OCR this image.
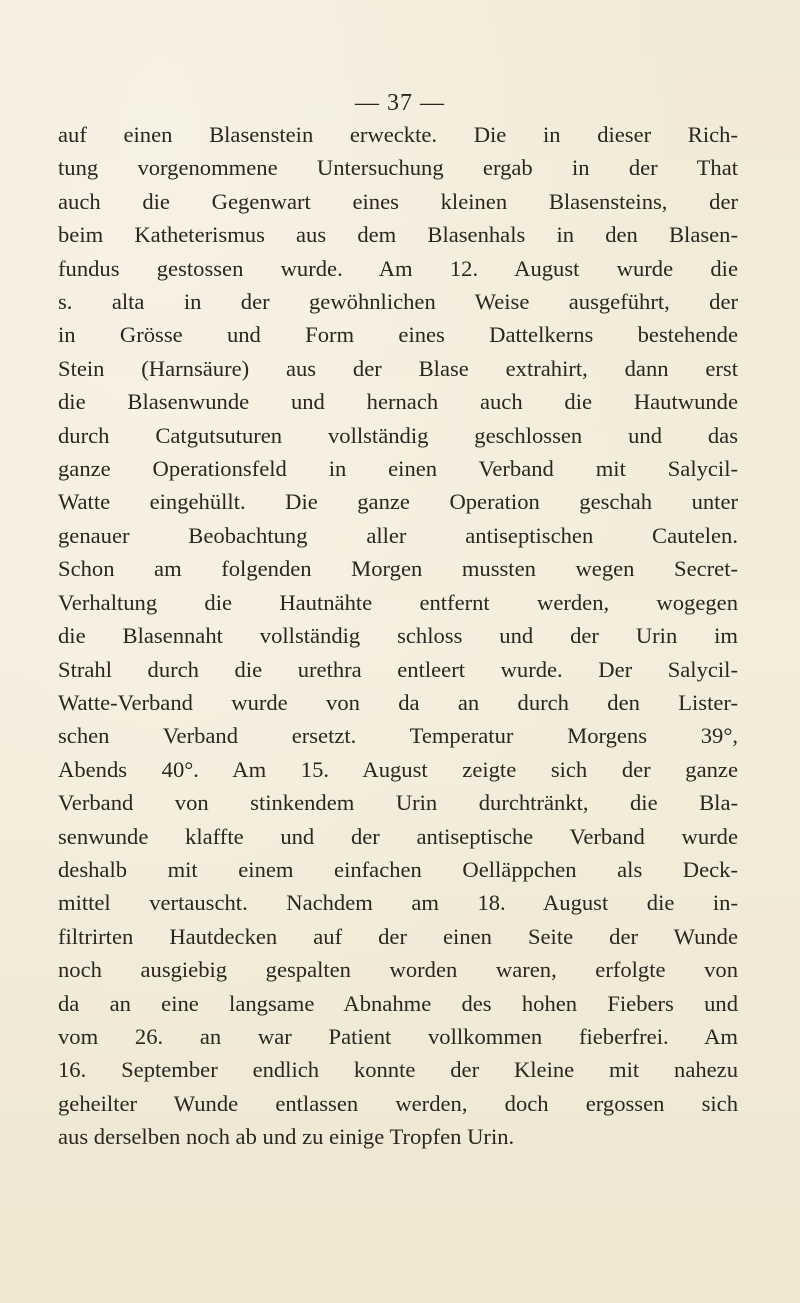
— 37 —
auf einen Blasenstein erweckte. Die in dieser Rich-
tung vorgenommene Untersuchung ergab in der That
auch die Gegenwart eines kleinen Blasensteins, der
beim Katheterismus aus dem Blasenhals in den Blasen-
fundus gestossen wurde. Am 12. August wurde die
s. alta in der gewöhnlichen Weise ausgeführt, der
in Grösse und Form eines Dattelkerns bestehende
Stein (Harnsäure) aus der Blase extrahirt, dann erst
die Blasenwunde und hernach auch die Hautwunde
durch Catgutsuturen vollständig geschlossen und das
ganze Operationsfeld in einen Verband mit Salycil-
Watte eingehüllt. Die ganze Operation geschah unter
genauer Beobachtung aller antiseptischen Cautelen.
Schon am folgenden Morgen mussten wegen Secret-
Verhaltung die Hautnähte entfernt werden, wogegen
die Blasennaht vollständig schloss und der Urin im
Strahl durch die urethra entleert wurde. Der Salycil-
Watte-Verband wurde von da an durch den Lister-
schen Verband ersetzt. Temperatur Morgens 39°,
Abends 40°. Am 15. August zeigte sich der ganze
Verband von stinkendem Urin durchtränkt, die Bla-
senwunde klaffte und der antiseptische Verband wurde
deshalb mit einem einfachen Oelläppchen als Deck-
mittel vertauscht. Nachdem am 18. August die in-
filtrirten Hautdecken auf der einen Seite der Wunde
noch ausgiebig gespalten worden waren, erfolgte von
da an eine langsame Abnahme des hohen Fiebers und
vom 26. an war Patient vollkommen fieberfrei. Am
16. September endlich konnte der Kleine mit nahezu
geheilter Wunde entlassen werden, doch ergossen sich
aus derselben noch ab und zu einige Tropfen Urin.
